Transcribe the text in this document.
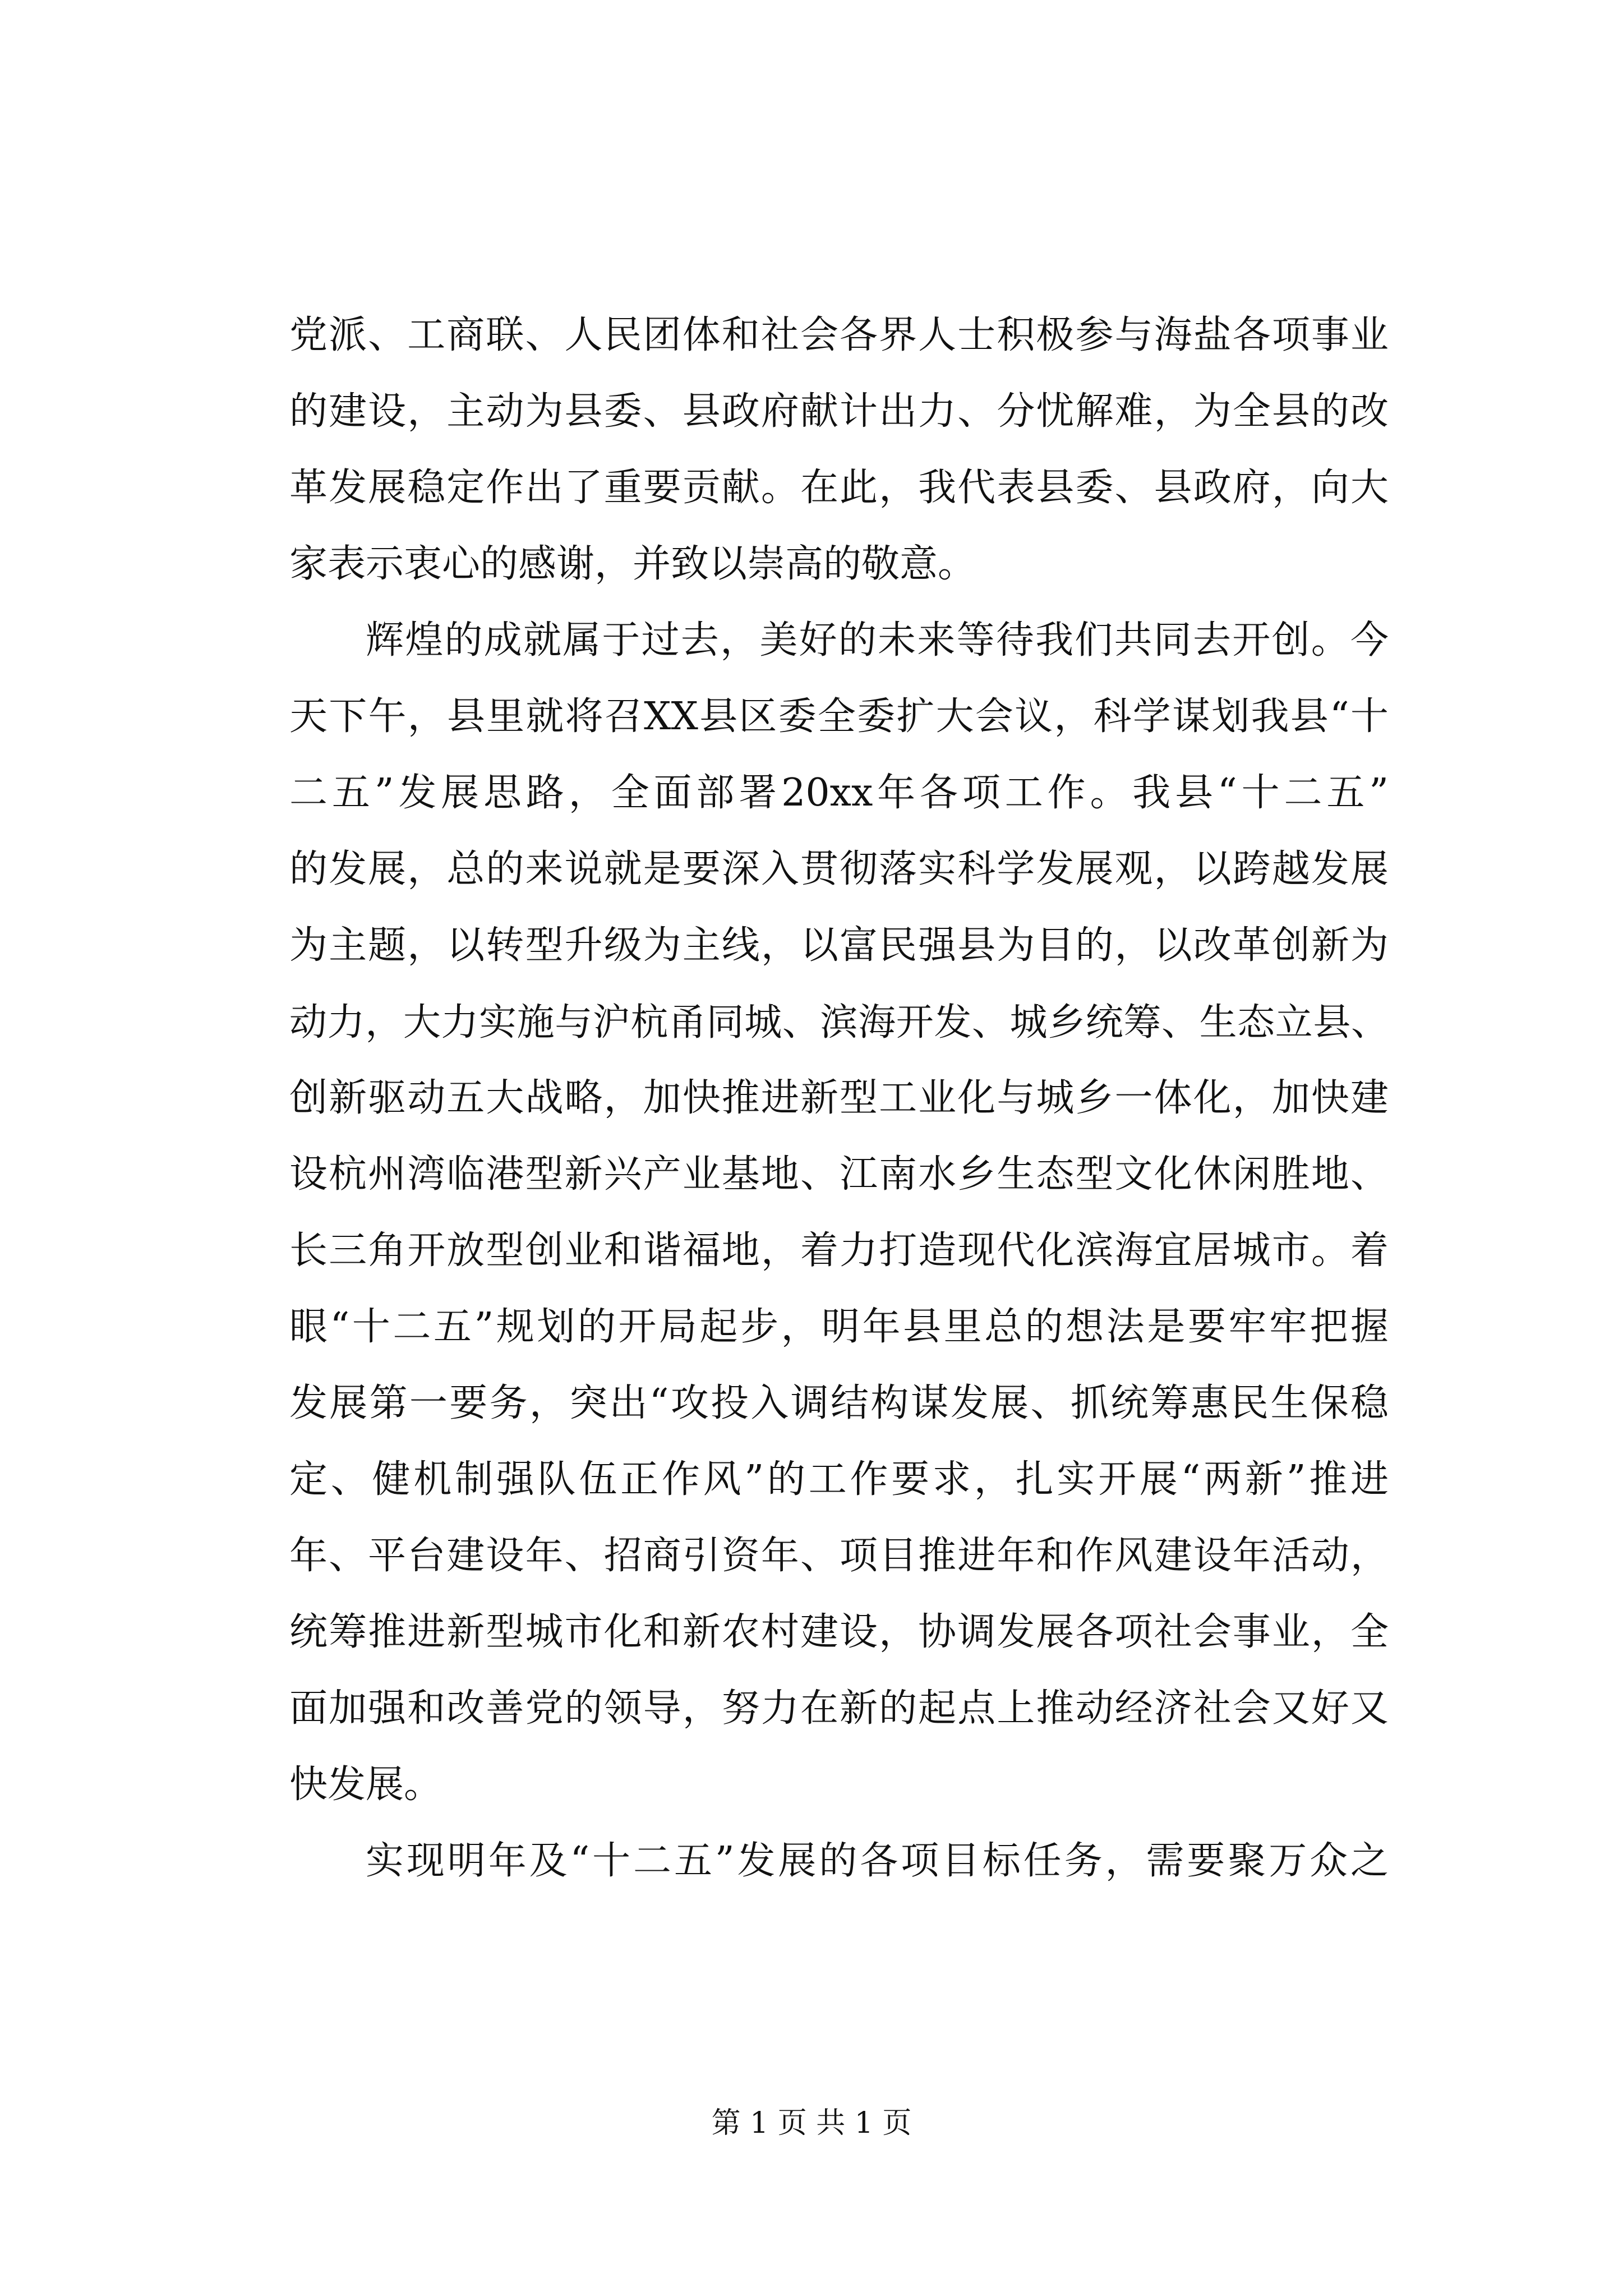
党派、工商联、人民团体和社会各界人士积极参与海盐各项事业
的建设，主动为县委、县政府献计出力、分忧解难，为全县的改
革发展稳定作出了重要贡献。在此，我代表县委、县政府，向大
家表示衷心的感谢，并致以崇高的敬意。
辉煌的成就属于过去，美好的未来等待我们共同去开创。今
天下午，县里就将召XX县区委全委扩大会议，科学谋划我县“十
二五”发展思路，全面部署20xx年各项工作。我县“十二五”
的发展，总的来说就是要深入贯彻落实科学发展观，以跨越发展
为主题，以转型升级为主线，以富民强县为目的，以改革创新为
动力，大力实施与沪杭甬同城、滨海开发、城乡统筹、生态立县、
创新驱动五大战略，加快推进新型工业化与城乡一体化，加快建
设杭州湾临港型新兴产业基地、江南水乡生态型文化休闲胜地、
长三角开放型创业和谐福地，着力打造现代化滨海宜居城市。着
眼“十二五”规划的开局起步，明年县里总的想法是要牢牢把握
发展第一要务，突出“攻投入调结构谋发展、抓统筹惠民生保稳
定、健机制强队伍正作风”的工作要求，扎实开展“两新”推进
年、平台建设年、招商引资年、项目推进年和作风建设年活动，
统筹推进新型城市化和新农村建设，协调发展各项社会事业，全
面加强和改善党的领导，努力在新的起点上推动经济社会又好又
快发展。
实现明年及“十二五”发展的各项目标任务，需要聚万众之
第 1 页 共 1 页
